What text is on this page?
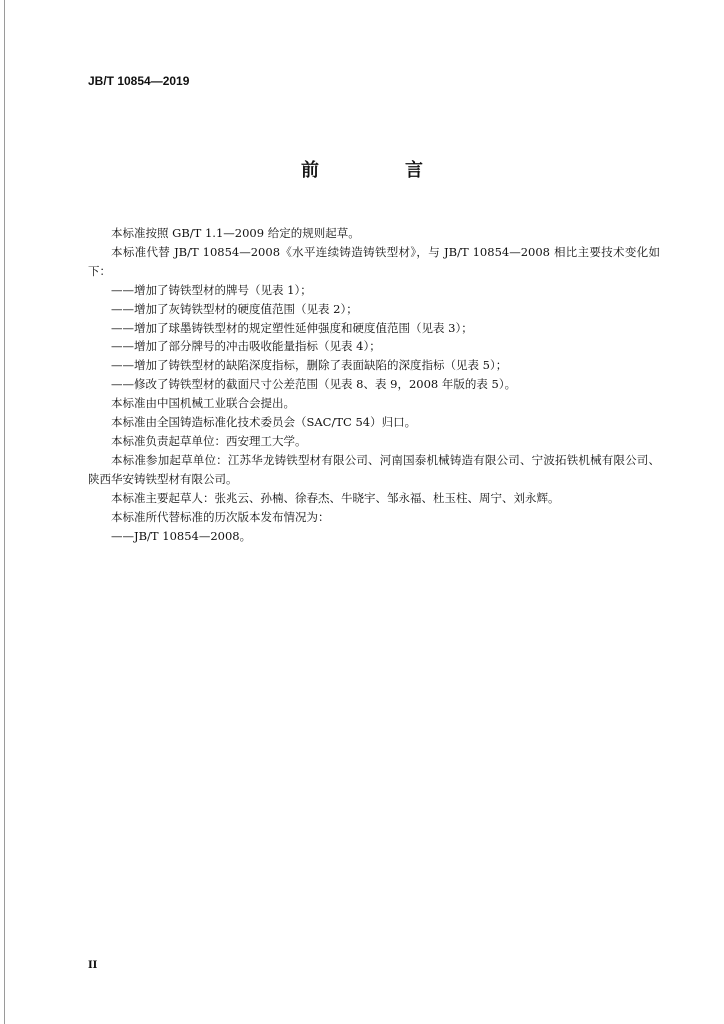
JB/T 10854—2019
前　言

本标准按照 GB/T 1.1—2009 给定的规则起草。

本标准代替 JB/T 10854—2008《水平连续铸造铸铁型材》，与 JB/T 10854—2008 相比主要技术变化如下：

——增加了铸铁型材的牌号（见表 1）；

——增加了灰铸铁型材的硬度值范围（见表 2）；

——增加了球墨铸铁型材的规定塑性延伸强度和硬度值范围（见表 3）；

——增加了部分牌号的冲击吸收能量指标（见表 4）；

——增加了铸铁型材的缺陷深度指标，删除了表面缺陷的深度指标（见表 5）；

——修改了铸铁型材的截面尺寸公差范围（见表 8、表 9，2008 年版的表 5）。

本标准由中国机械工业联合会提出。

本标准由全国铸造标准化技术委员会（SAC/TC 54）归口。

本标准负责起草单位：西安理工大学。

本标准参加起草单位：江苏华龙铸铁型材有限公司、河南国泰机械铸造有限公司、宁波拓铁机械有限公司、陕西华安铸铁型材有限公司。

本标准主要起草人：张兆云、孙楠、徐春杰、牛晓宇、邹永福、杜玉柱、周宁、刘永辉。

本标准所代替标准的历次版本发布情况为：

——JB/T 10854—2008。

II
